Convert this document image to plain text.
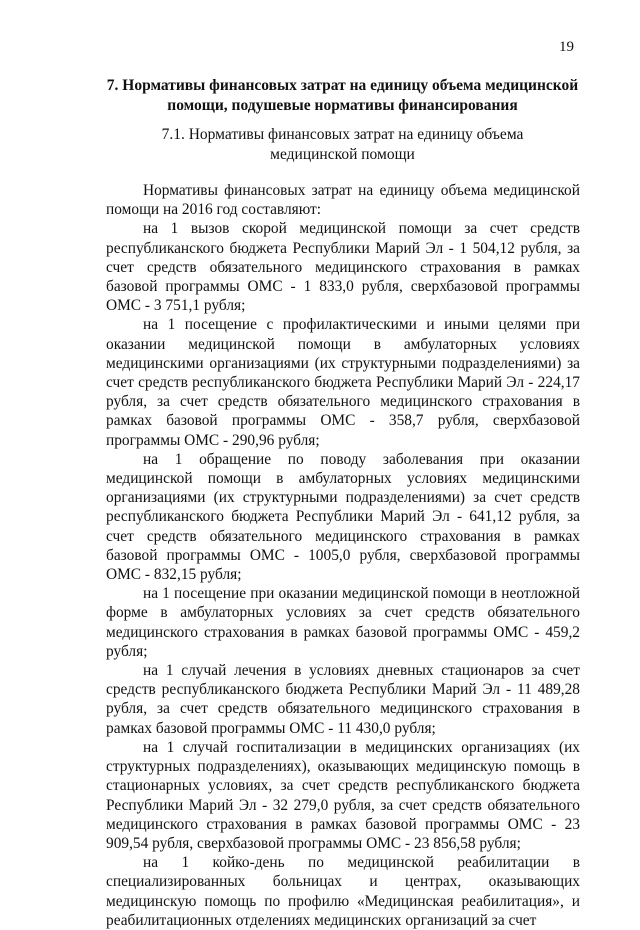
19
7. Нормативы финансовых затрат на единицу объема медицинской
помощи, подушевые нормативы финансирования
7.1. Нормативы финансовых затрат на единицу объема
медицинской помощи

Нормативы финансовых затрат на единицу объема медицинской помощи на 2016 год составляют:

на 1 вызов скорой медицинской помощи за счет средств республиканского бюджета Республики Марий Эл - 1 504,12 рубля, за счет средств обязательного медицинского страхования в рамках базовой программы ОМС - 1 833,0 рубля, сверхбазовой программы ОМС - 3 751,1 рубля;

на 1 посещение с профилактическими и иными целями при оказании медицинской помощи в амбулаторных условиях медицинскими организациями (их структурными подразделениями) за счет средств республиканского бюджета Республики Марий Эл - 224,17 рубля, за счет средств обязательного медицинского страхования в рамках базовой программы ОМС - 358,7 рубля, сверхбазовой программы ОМС - 290,96 рубля;

на 1 обращение по поводу заболевания при оказании медицинской помощи в амбулаторных условиях медицинскими организациями (их структурными подразделениями) за счет средств республиканского бюджета Республики Марий Эл - 641,12 рубля, за счет средств обязательного медицинского страхования в рамках базовой программы ОМС - 1005,0 рубля, сверхбазовой программы ОМС - 832,15 рубля;

на 1 посещение при оказании медицинской помощи в неотложной форме в амбулаторных условиях за счет средств обязательного медицинского страхования в рамках базовой программы ОМС - 459,2 рубля;

на 1 случай лечения в условиях дневных стационаров за счет средств республиканского бюджета Республики Марий Эл - 11 489,28 рубля, за счет средств обязательного медицинского страхования в рамках базовой программы ОМС - 11 430,0 рубля;

на 1 случай госпитализации в медицинских организациях (их структурных подразделениях), оказывающих медицинскую помощь в стационарных условиях, за счет средств республиканского бюджета Республики Марий Эл - 32 279,0 рубля, за счет средств обязательного медицинского страхования в рамках базовой программы ОМС - 23 909,54 рубля, сверхбазовой программы ОМС - 23 856,58 рубля;

на 1 койко-день по медицинской реабилитации в специализированных больницах и центрах, оказывающих медицинскую помощь по профилю «Медицинская реабилитация», и реабилитационных отделениях медицинских организаций за счет
